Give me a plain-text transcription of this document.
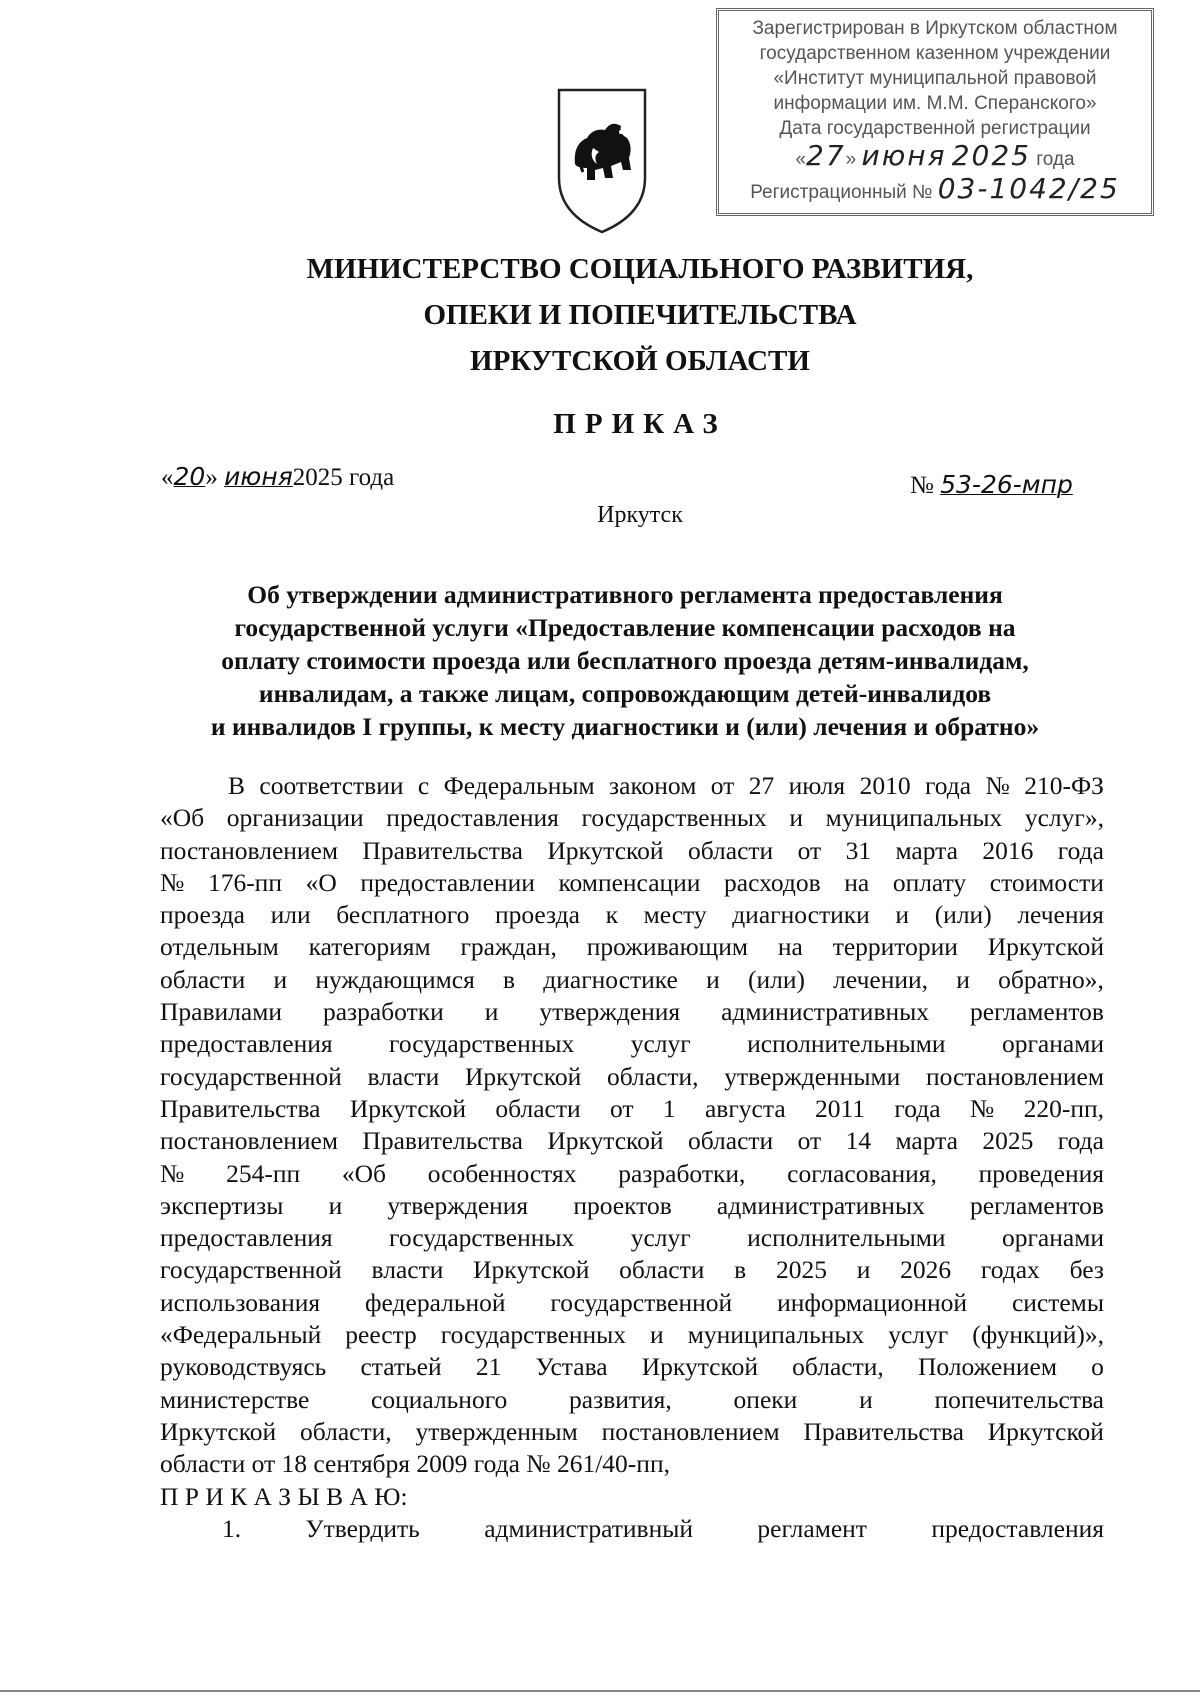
Зарегистрирован в Иркутском областном
государственном казенном учреждении
«Институт муниципальной правовой
информации им. М.М. Сперанского»
Дата государственной регистрации
«27» июня 2025 года
Регистрационный № 03-1042/25
МИНИСТЕРСТВО СОЦИАЛЬНОГО РАЗВИТИЯ,
ОПЕКИ И ПОПЕЧИТЕЛЬСТВА
ИРКУТСКОЙ ОБЛАСТИ
ПРИКАЗ
«20» июня2025 года	№ 53-26-мпр
Иркутск
Об утверждении административного регламента предоставления
государственной услуги «Предоставление компенсации расходов на
оплату стоимости проезда или бесплатного проезда детям-инвалидам,
инвалидам, а также лицам, сопровождающим детей-инвалидов
и инвалидов I группы, к месту диагностики и (или) лечения и обратно»
В соответствии с Федеральным законом от 27 июля 2010 года № 210-ФЗ
«Об организации предоставления государственных и муниципальных услуг»,
постановлением Правительства Иркутской области от 31 марта 2016 года
№ 176-пп «О предоставлении компенсации расходов на оплату стоимости
проезда или бесплатного проезда к месту диагностики и (или) лечения
отдельным категориям граждан, проживающим на территории Иркутской
области и нуждающимся в диагностике и (или) лечении, и обратно»,
Правилами разработки и утверждения административных регламентов
предоставления государственных услуг исполнительными органами
государственной власти Иркутской области, утвержденными постановлением
Правительства Иркутской области от 1 августа 2011 года № 220-пп,
постановлением Правительства Иркутской области от 14 марта 2025 года
№ 254-пп «Об особенностях разработки, согласования, проведения
экспертизы и утверждения проектов административных регламентов
предоставления государственных услуг исполнительными органами
государственной власти Иркутской области в 2025 и 2026 годах без
использования федеральной государственной информационной системы
«Федеральный реестр государственных и муниципальных услуг (функций)»,
руководствуясь статьей 21 Устава Иркутской области, Положением о
министерстве социального развития, опеки и попечительства
Иркутской области, утвержденным постановлением Правительства Иркутской
области от 18 сентября 2009 года № 261/40-пп,
П Р И К А З Ы В А Ю:
1.	Утвердить	административный	регламент	предоставления
